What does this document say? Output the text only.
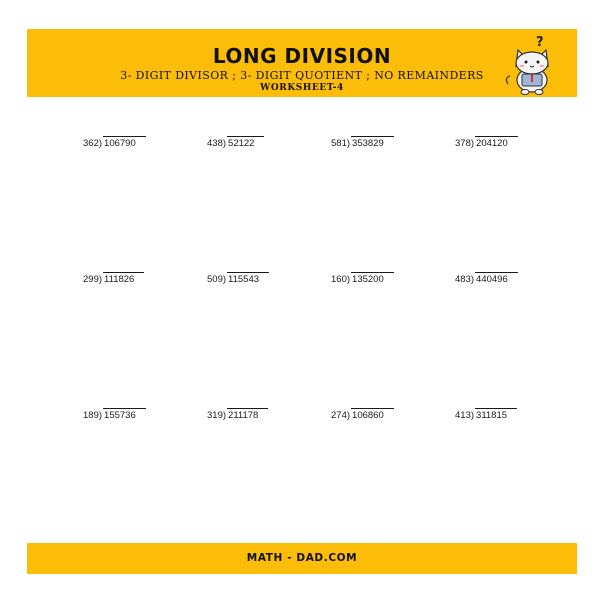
LONG DIVISION
3- DIGIT DIVISOR ; 3- DIGIT QUOTIENT ; NO REMAINDERS
WORKSHEET-4
?
362) 106790	438) 52122	581) 353829	378) 204120
299) 111826	509) 115543	160) 135200	483) 440496
189) 155736	319) 211178	274) 106860	413) 311815
MATH - DAD.COM
